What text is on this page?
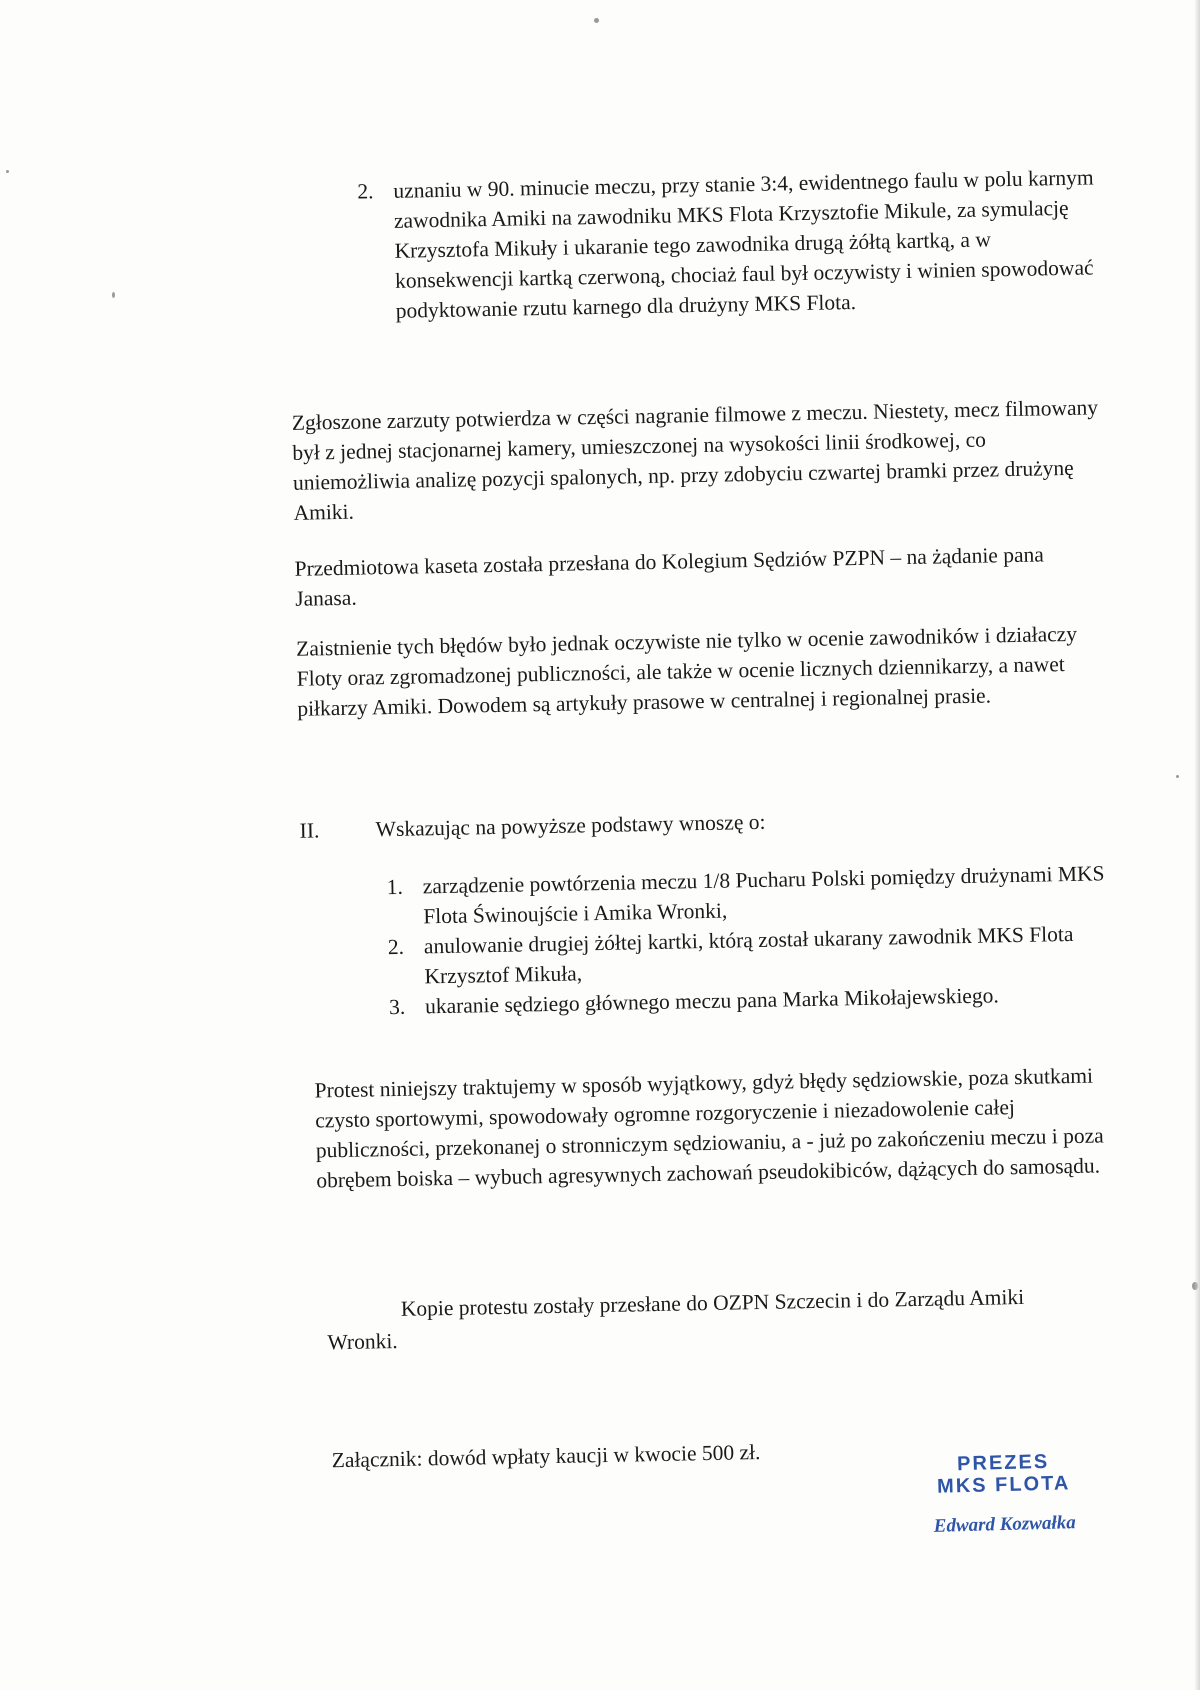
2. uznaniu w 90. minucie meczu, przy stanie 3:4, ewidentnego faulu w polu karnym zawodnika Amiki na zawodniku MKS Flota Krzysztofie Mikule, za symulację Krzysztofa Mikuły i ukaranie tego zawodnika drugą żółtą kartką, a w konsekwencji kartką czerwoną, chociaż faul był oczywisty i winien spowodować podyktowanie rzutu karnego dla drużyny MKS Flota.

Zgłoszone zarzuty potwierdza w części nagranie filmowe z meczu. Niestety, mecz filmowany był z jednej stacjonarnej kamery, umieszczonej na wysokości linii środkowej, co uniemożliwia analizę pozycji spalonych, np. przy zdobyciu czwartej bramki przez drużynę Amiki.

Przedmiotowa kaseta została przesłana do Kolegium Sędziów PZPN – na żądanie pana Janasa.

Zaistnienie tych błędów było jednak oczywiste nie tylko w ocenie zawodników i działaczy Floty oraz zgromadzonej publiczności, ale także w ocenie licznych dziennikarzy, a nawet piłkarzy Amiki. Dowodem są artykuły prasowe w centralnej i regionalnej prasie.

II.	Wskazując na powyższe podstawy wnoszę o:
1. zarządzenie powtórzenia meczu 1/8 Pucharu Polski pomiędzy drużynami MKS Flota Świnoujście i Amika Wronki,
2. anulowanie drugiej żółtej kartki, którą został ukarany zawodnik MKS Flota Krzysztof Mikuła,
3. ukaranie sędziego głównego meczu pana Marka Mikołajewskiego.

Protest niniejszy traktujemy w sposób wyjątkowy, gdyż błędy sędziowskie, poza skutkami czysto sportowymi, spowodowały ogromne rozgoryczenie i niezadowolenie całej publiczności, przekonanej o stronniczym sędziowaniu, a - już po zakończeniu meczu i poza obrębem boiska – wybuch agresywnych zachowań pseudokibiców, dążących do samosądu.

Kopie protestu zostały przesłane do OZPN Szczecin i do Zarządu Amiki

Wronki.

Załącznik: dowód wpłaty kaucji w kwocie 500 zł.	PREZES
MKS FLOTA
Edward Kozwałka
